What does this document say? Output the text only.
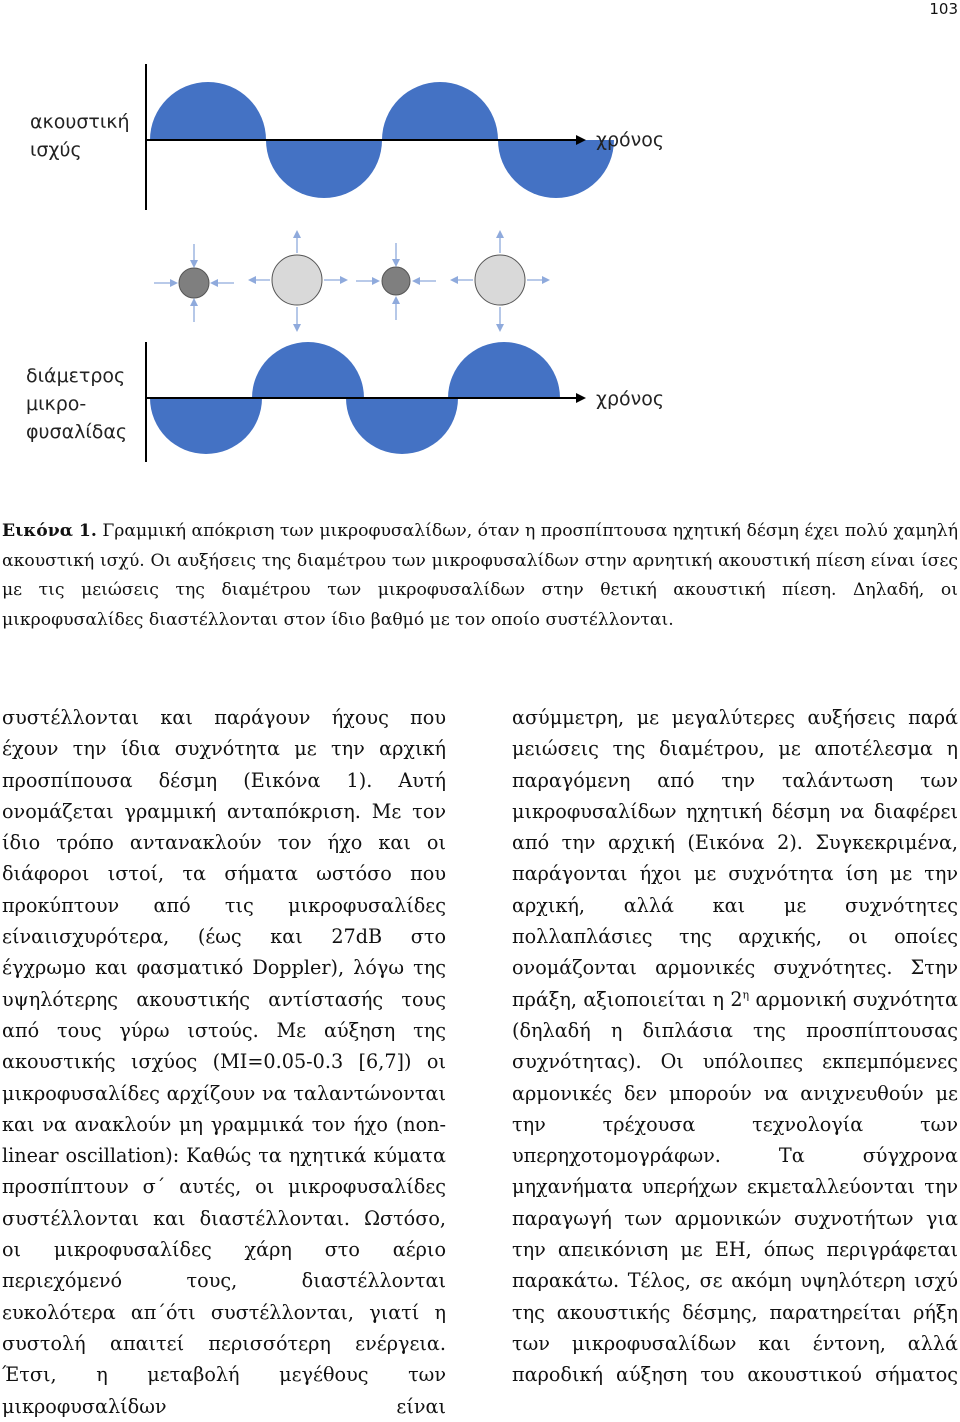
103
ακουστική
ισχύς	χρόνος
διάμετρος
μικρο-
φυσαλίδας
χρόνος
Εικόνα 1. Γραμμική απόκριση των μικροφυσαλίδων, όταν η προσπίπτουσα ηχητική δέσμη έχει πολύ χαμηλή ακουστική ισχύ. Οι αυξήσεις της διαμέτρου των μικροφυσαλίδων στην αρνητική ακουστική πίεση είναι ίσες με τις μειώσεις της διαμέτρου των μικροφυσαλίδων στην θετική ακουστική πίεση. Δηλαδή, οι μικροφυσαλίδες διαστέλλονται στον ίδιο βαθμό με τον οποίο συστέλλονται.
συστέλλονται και παράγουν ήχους που έχουν την ίδια συχνότητα με την αρχική προσπίπουσα δέσμη (Εικόνα 1). Αυτή ονομάζεται γραμμική ανταπόκριση. Με τον ίδιο τρόπο αντανακλούν τον ήχο και οι διάφοροι ιστοί, τα σήματα ωστόσο που προκύπτουν από τις μικροφυσαλίδες είναιισχυρότερα, (έως και 27dB στο έγχρωμο και φασματικό Doppler), λόγω της υψηλότερης ακουστικής αντίστασής τους από τους γύρω ιστούς. Με αύξηση της ακουστικής ισχύος (MI=0.05-0.3 [6,7]) οι μικροφυσαλίδες αρχίζουν να ταλαντώνονται και να ανακλούν μη γραμμικά τον ήχο (non-linear oscillation): Καθώς τα ηχητικά κύματα προσπίπτουν σ΄ αυτές, οι μικροφυσαλίδες συστέλλονται και διαστέλλονται. Ωστόσο, οι μικροφυσαλίδες χάρη στο αέριο περιεχόμενό τους, διαστέλλονται ευκολότερα απ΄ότι συστέλλονται, γιατί η συστολή απαιτεί περισσότερη ενέργεια. Έτσι, η μεταβολή μεγέθους των μικροφυσαλίδων είναι
ασύμμετρη, με μεγαλύτερες αυξήσεις παρά μειώσεις της διαμέτρου, με αποτέλεσμα η παραγόμενη από την ταλάντωση των μικροφυσαλίδων ηχητική δέσμη να διαφέρει από την αρχική (Εικόνα 2). Συγκεκριμένα, παράγονται ήχοι με συχνότητα ίση με την αρχική, αλλά και με συχνότητες πολλαπλάσιες της αρχικής, οι οποίες ονομάζονται αρμονικές συχνότητες. Στην πράξη, αξιοποιείται η $2^\eta$ αρμονική συχνότητα (δηλαδή η διπλάσια της προσπίπτουσας συχνότητας). Οι υπόλοιπες εκπεμπόμενες αρμονικές δεν μπορούν να ανιχνευθούν με την τρέχουσα τεχνολογία των υπερηχοτομογράφων. Τα σύγχρονα μηχανήματα υπερήχων εκμεταλλεύονται την παραγωγή των αρμονικών συχνοτήτων για την απεικόνιση με ΕΗ, όπως περιγράφεται παρακάτω. Τέλος, σε ακόμη υψηλότερη ισχύ της ακουστικής δέσμης, παρατηρείται ρήξη των μικροφυσαλίδων και έντονη, αλλά παροδική αύξηση του ακουστικού σήματος
